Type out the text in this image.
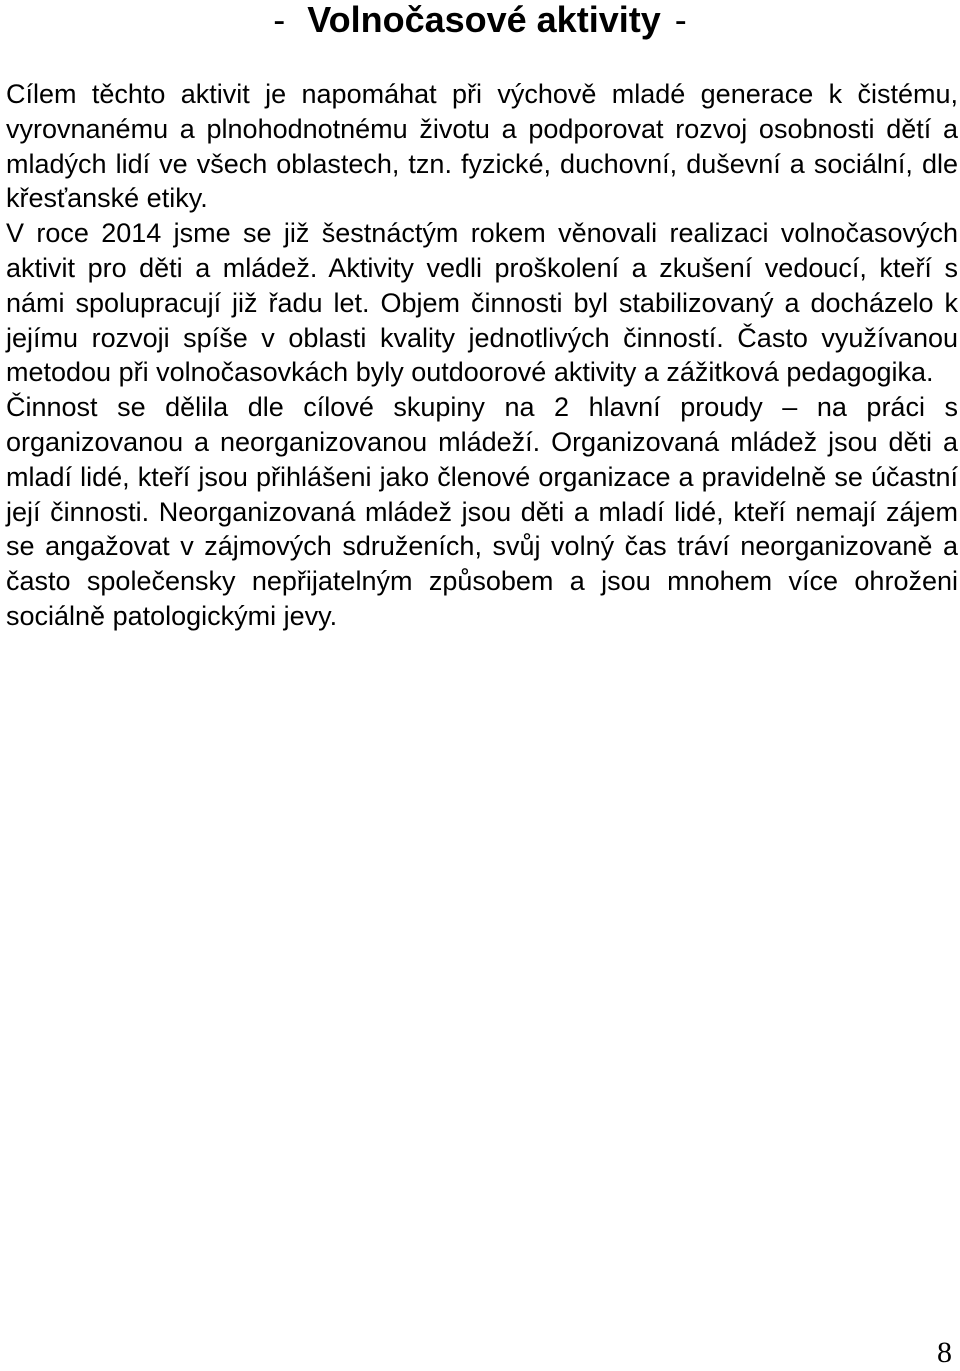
- Volnočasové aktivity -

Cílem těchto aktivit je napomáhat při výchově mladé generace k čistému, vyrovnanému a plnohodnotnému životu a podporovat rozvoj osobnosti dětí a mladých lidí ve všech oblastech, tzn. fyzické, duchovní, duševní a sociální, dle křesťanské etiky.

V roce 2014 jsme se již šestnáctým rokem věnovali realizaci volnočasových aktivit pro děti a mládež. Aktivity vedli proškolení a zkušení vedoucí, kteří s námi spolupracují již řadu let. Objem činnosti byl stabilizovaný a docházelo k jejímu rozvoji spíše v oblasti kvality jednotlivých činností. Často využívanou metodou při volnočasovkách byly outdoorové aktivity a zážitková pedagogika.

Činnost se dělila dle cílové skupiny na 2 hlavní proudy – na práci s organizovanou a neorganizovanou mládeží. Organizovaná mládež jsou děti a mladí lidé, kteří jsou přihlášeni jako členové organizace a pravidelně se účastní její činnosti. Neorganizovaná mládež jsou děti a mladí lidé, kteří nemají zájem se angažovat v zájmových sdruženích, svůj volný čas tráví neorganizovaně a často společensky nepřijatelným způsobem a jsou mnohem více ohroženi sociálně patologickými jevy.

8
